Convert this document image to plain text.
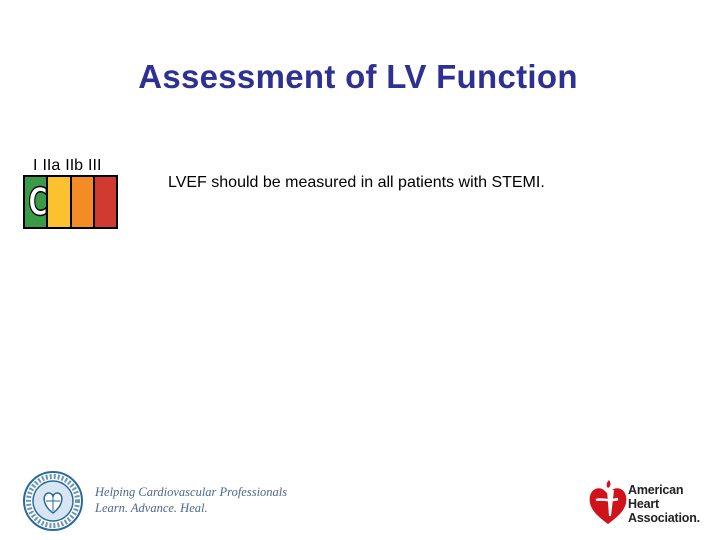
Assessment of LV Function
I IIa IIb III
C	LVEF should be measured in all patients with STEMI.
Helping Cardiovascular Professionals
Learn. Advance. Heal.
American
Heart
Association.
